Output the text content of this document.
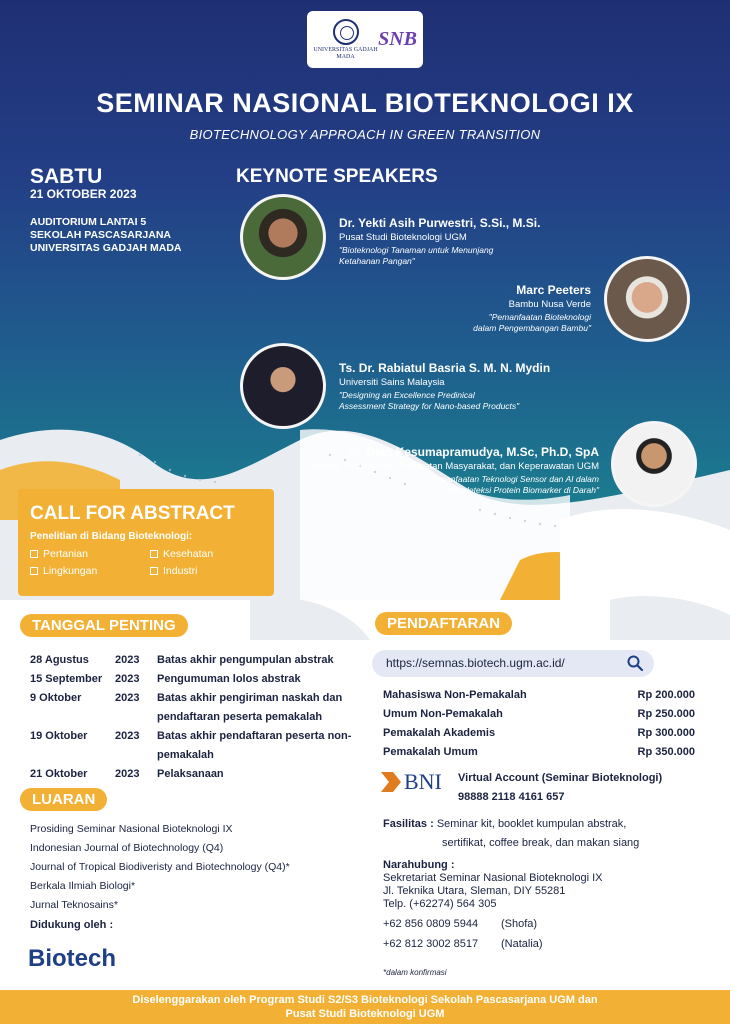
UNIVERSITAS GADJAH MADA
SNB
SEMINAR NASIONAL BIOTEKNOLOGI IX
BIOTECHNOLOGY APPROACH IN GREEN TRANSITION
SABTU
21 OKTOBER 2023
AUDITORIUM LANTAI 5
SEKOLAH PASCASARJANA
UNIVERSITAS GADJAH MADA
KEYNOTE SPEAKERS
Dr. Yekti Asih Purwestri, S.Si., M.Si.
Pusat Studi Bioteknologi UGM
"Bioteknologi Tanaman untuk Menunjang
Ketahanan Pangan"
Marc Peeters
Bambu Nusa Verde
"Pemanfaatan Bioteknologi
dalam Pengembangan Bambu"
Ts. Dr. Rabiatul Basria S. M. N. Mydin
Universiti Sains Malaysia
"Designing an Excellence Predinical
Assessment Strategy for Nano-based Products"
dr. Dian Kesumapramudya, M.Sc, Ph.D, SpA
Fakultas Kedokteran, Kesehatan Masyarakat, dan Keperawatan UGM
"Pemanfaatan Teknologi Sensor dan AI dalam
Mendeteksi Protein Biomarker di Darah"
CALL FOR ABSTRACT
Penelitian di Bidang Bioteknologi:
Pertanian	Kesehatan
Lingkungan	Industri
TANGGAL PENTING
28 Agustus	2023	Batas akhir pengumpulan abstrak
15 September	2023	Pengumuman lolos abstrak
9 Oktober	2023	Batas akhir pengiriman naskah dan pendaftaran peserta pemakalah
19 Oktober	2023	Batas akhir pendaftaran peserta non-pemakalah
21 Oktober	2023	Pelaksanaan
LUARAN
Prosiding Seminar Nasional Bioteknologi IX
Indonesian Journal of Biotechnology (Q4)
Journal of Tropical Biodiveristy and Biotechnology (Q4)*
Berkala Ilmiah Biologi*
Jurnal Teknosains*
Didukung oleh :
Biotech
PENDAFTARAN
https://semnas.biotech.ugm.ac.id/
Mahasiswa Non-Pemakalah	Rp 200.000
Umum Non-Pemakalah	Rp 250.000
Pemakalah Akademis	Rp 300.000
Pemakalah Umum	Rp 350.000
BNI Virtual Account (Seminar Bioteknologi)
98888 2118 4161 657
Fasilitas : Seminar kit, booklet kumpulan abstrak,
sertifikat, coffee break, dan makan siang
Narahubung :
Sekretariat Seminar Nasional Bioteknologi IX
Jl. Teknika Utara, Sleman, DIY 55281
Telp. (+62274) 564 305
+62 856 0809 5944	(Shofa)
+62 812 3002 8517	(Natalia)
*dalam konfirmasi
Diselenggarakan oleh Program Studi S2/S3 Bioteknologi Sekolah Pascasarjana UGM dan
Pusat Studi Bioteknologi UGM
